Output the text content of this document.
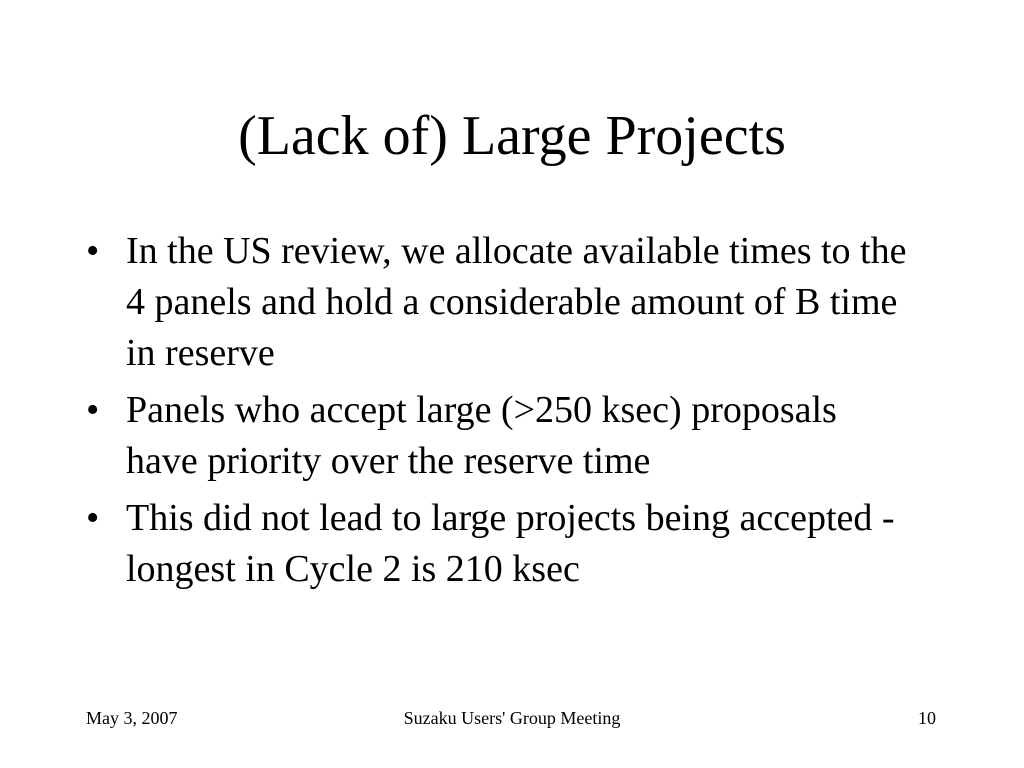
(Lack of) Large Projects
• In the US review, we allocate available times to the 4 panels and hold a considerable amount of B time in reserve
• Panels who accept large (>250 ksec) proposals have priority over the reserve time
• This did not lead to large projects being accepted - longest in Cycle 2 is 210 ksec
May 3, 2007	Suzaku Users' Group Meeting	10
